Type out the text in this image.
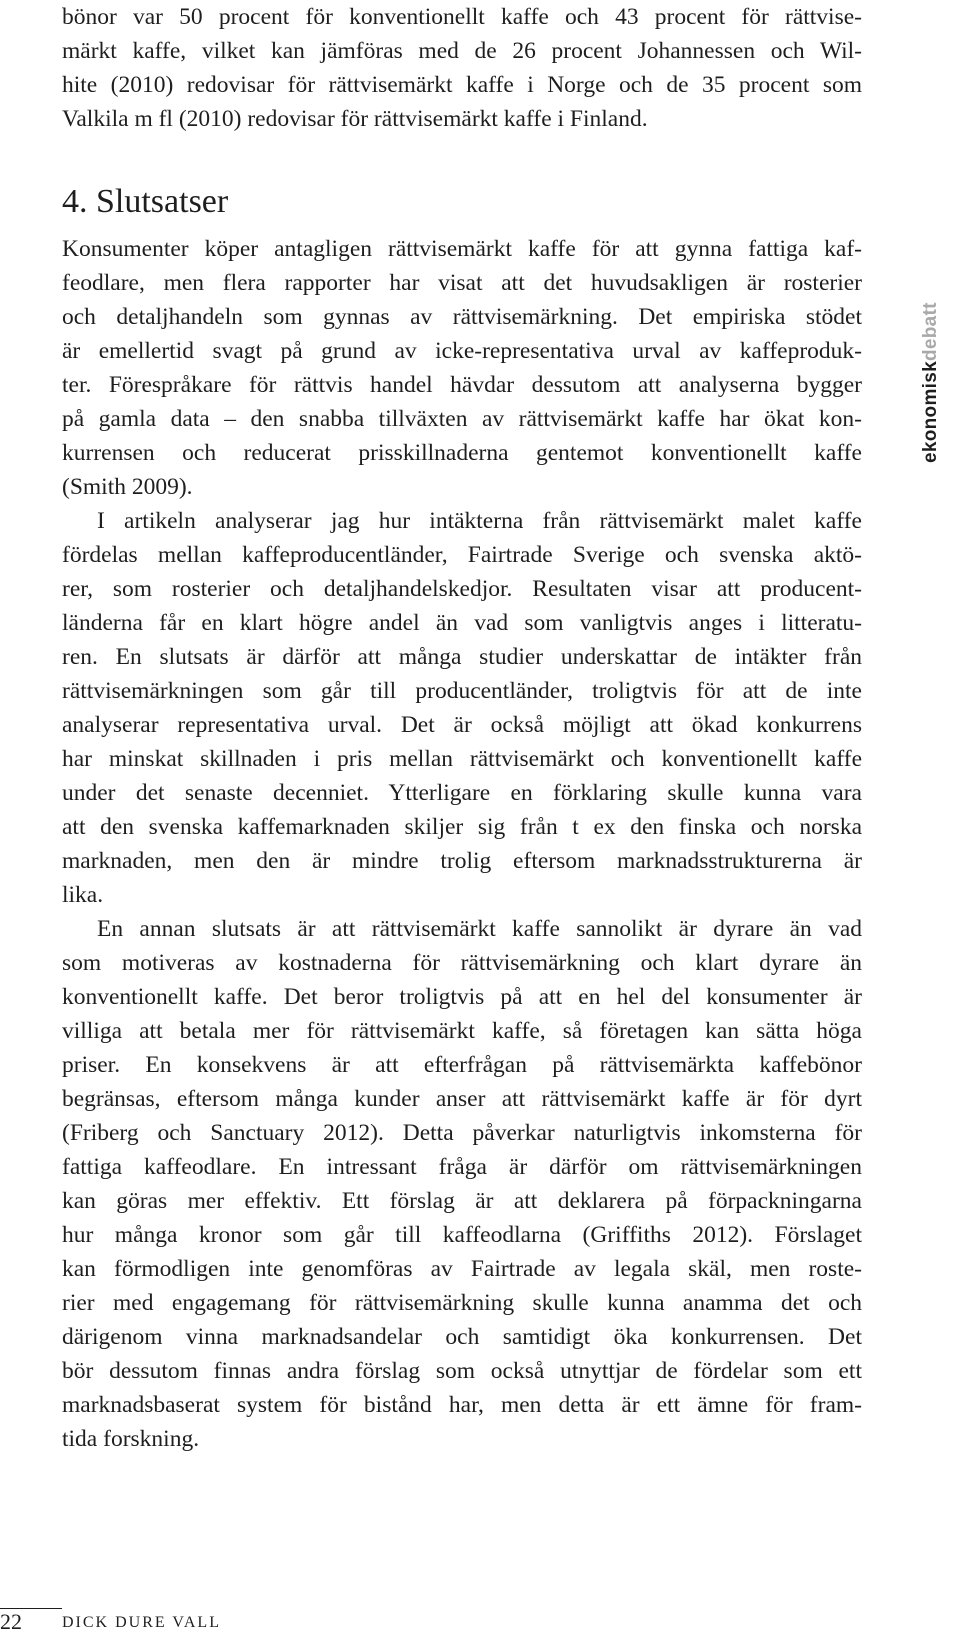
bönor var 50 procent för konventionellt kaffe och 43 procent för rättvise-
märkt kaffe, vilket kan jämföras med de 26 procent Johannessen och Wil-
hite (2010) redovisar för rättvisemärkt kaffe i Norge och de 35 procent som
Valkila m fl (2010) redovisar för rättvisemärkt kaffe i Finland.
4. Slutsatser
Konsumenter köper antagligen rättvisemärkt kaffe för att gynna fattiga kaf-
feodlare, men flera rapporter har visat att det huvudsakligen är rosterier
och detaljhandeln som gynnas av rättvisemärkning. Det empiriska stödet
är emellertid svagt på grund av icke-representativa urval av kaffeproduk-
ter. Förespråkare för rättvis handel hävdar dessutom att analyserna bygger
på gamla data – den snabba tillväxten av rättvisemärkt kaffe har ökat kon-
kurrensen och reducerat prisskillnaderna gentemot konventionellt kaffe
(Smith 2009).
I artikeln analyserar jag hur intäkterna från rättvisemärkt malet kaffe
fördelas mellan kaffeproducentländer, Fairtrade Sverige och svenska aktö-
rer, som rosterier och detaljhandelskedjor. Resultaten visar att producent-
länderna får en klart högre andel än vad som vanligtvis anges i litteratu-
ren. En slutsats är därför att många studier underskattar de intäkter från
rättvisemärkningen som går till producentländer, troligtvis för att de inte
analyserar representativa urval. Det är också möjligt att ökad konkurrens
har minskat skillnaden i pris mellan rättvisemärkt och konventionellt kaffe
under det senaste decenniet. Ytterligare en förklaring skulle kunna vara
att den svenska kaffemarknaden skiljer sig från t ex den finska och norska
marknaden, men den är mindre trolig eftersom marknadsstrukturerna är
lika.
En annan slutsats är att rättvisemärkt kaffe sannolikt är dyrare än vad
som motiveras av kostnaderna för rättvisemärkning och klart dyrare än
konventionellt kaffe. Det beror troligtvis på att en hel del konsumenter är
villiga att betala mer för rättvisemärkt kaffe, så företagen kan sätta höga
priser. En konsekvens är att efterfrågan på rättvisemärkta kaffebönor
begränsas, eftersom många kunder anser att rättvisemärkt kaffe är för dyrt
(Friberg och Sanctuary 2012). Detta påverkar naturligtvis inkomsterna för
fattiga kaffeodlare. En intressant fråga är därför om rättvisemärkningen
kan göras mer effektiv. Ett förslag är att deklarera på förpackningarna
hur många kronor som går till kaffeodlarna (Griffiths 2012). Förslaget
kan förmodligen inte genomföras av Fairtrade av legala skäl, men roste-
rier med engagemang för rättvisemärkning skulle kunna anamma det och
därigenom vinna marknadsandelar och samtidigt öka konkurrensen. Det
bör dessutom finnas andra förslag som också utnyttjar de fördelar som ett
marknadsbaserat system för bistånd har, men detta är ett ämne för fram-
tida forskning.
ekonomiskdebatt
22	DICK DURE VALL
